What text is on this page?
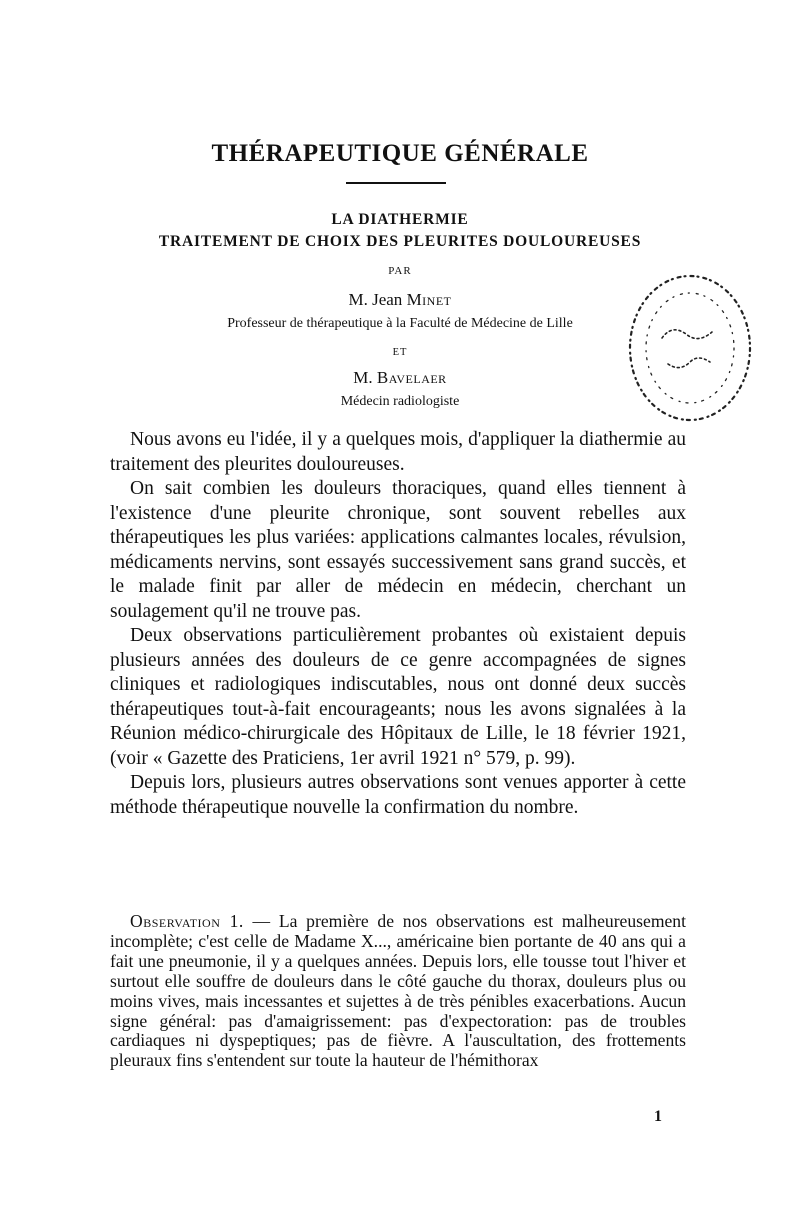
THÉRAPEUTIQUE GÉNÉRALE
LA DIATHERMIE
TRAITEMENT DE CHOIX DES PLEURITES DOULOUREUSES
PAR
M. Jean Minet
Professeur de thérapeutique à la Faculté de Médecine de Lille
ET
M. Bavelaer
Médecin radiologiste

Nous avons eu l'idée, il y a quelques mois, d'appliquer la diathermie au traitement des pleurites douloureuses.

On sait combien les douleurs thoraciques, quand elles tiennent à l'existence d'une pleurite chronique, sont souvent rebelles aux thérapeutiques les plus variées: applications calmantes locales, révulsion, médicaments nervins, sont essayés successivement sans grand succès, et le malade finit par aller de médecin en médecin, cherchant un soulagement qu'il ne trouve pas.

Deux observations particulièrement probantes où existaient depuis plusieurs années des douleurs de ce genre accompagnées de signes cliniques et radiologiques indiscutables, nous ont donné deux succès thérapeutiques tout-à-fait encourageants; nous les avons signalées à la Réunion médico-chirurgicale des Hôpitaux de Lille, le 18 février 1921, (voir « Gazette des Praticiens, 1er avril 1921 n° 579, p. 99).

Depuis lors, plusieurs autres observations sont venues apporter à cette méthode thérapeutique nouvelle la confirmation du nombre.

Observation 1. — La première de nos observations est malheureusement incomplète; c'est celle de Madame X..., américaine bien portante de 40 ans qui a fait une pneumonie, il y a quelques années. Depuis lors, elle tousse tout l'hiver et surtout elle souffre de douleurs dans le côté gauche du thorax, douleurs plus ou moins vives, mais incessantes et sujettes à de très pénibles exacerbations. Aucun signe général: pas d'amaigrissement: pas d'expectoration: pas de troubles cardiaques ni dyspeptiques; pas de fièvre. A l'auscultation, des frottements pleuraux fins s'entendent sur toute la hauteur de l'hémithorax

1
